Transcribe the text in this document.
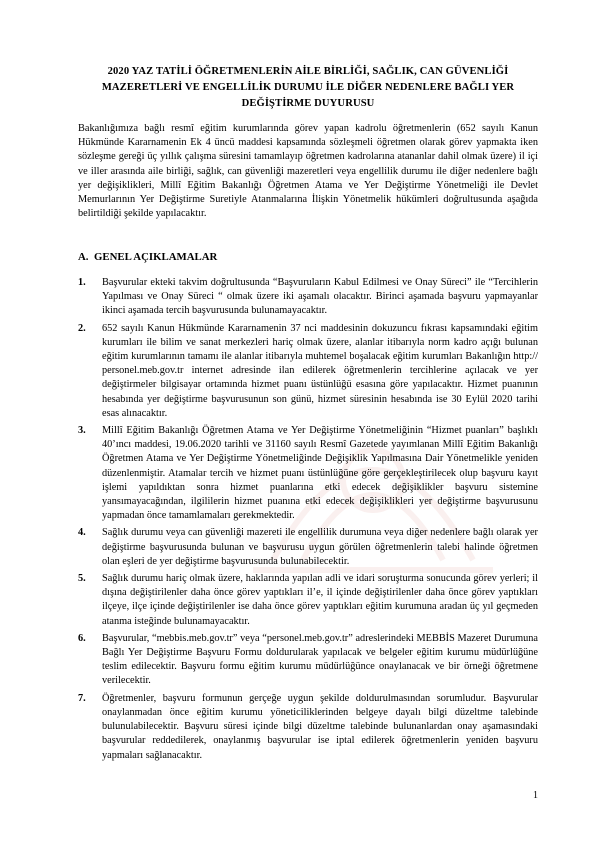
2020 YAZ TATİLİ ÖĞRETMENLERİN AİLE BİRLİĞİ, SAĞLIK, CAN GÜVENLİĞİ
MAZERETLERİ VE ENGELLİLİK DURUMU İLE DİĞER NEDENLERE BAĞLI YER
DEĞİŞTİRME DUYURUSU
Bakanlığımıza bağlı resmî eğitim kurumlarında görev yapan kadrolu öğretmenlerin (652 sayılı Kanun Hükmünde Kararnamenin Ek 4 üncü maddesi kapsamında sözleşmeli öğretmen olarak görev yapmakta iken sözleşme gereği üç yıllık çalışma süresini tamamlayıp öğretmen kadrolarına atananlar dahil olmak üzere) il içi ve iller arasında aile birliği, sağlık, can güvenliği mazeretleri veya engellilik durumu ile diğer nedenlere bağlı yer değişiklikleri, Millî Eğitim Bakanlığı Öğretmen Atama ve Yer Değiştirme Yönetmeliği ile Devlet Memurlarının Yer Değiştirme Suretiyle Atanmalarına İlişkin Yönetmelik hükümleri doğrultusunda aşağıda belirtildiği şekilde yapılacaktır.
A. GENEL AÇIKLAMALAR
1. Başvurular ekteki takvim doğrultusunda “Başvuruların Kabul Edilmesi ve Onay Süreci” ile “Tercihlerin Yapılması ve Onay Süreci “ olmak üzere iki aşamalı olacaktır. Birinci aşamada başvuru yapmayanlar ikinci aşamada tercih başvurusunda bulunamayacaktır.
2. 652 sayılı Kanun Hükmünde Kararnamenin 37 nci maddesinin dokuzuncu fıkrası kapsamındaki eğitim kurumları ile bilim ve sanat merkezleri hariç olmak üzere, alanlar itibarıyla norm kadro açığı bulunan eğitim kurumlarının tamamı ile alanlar itibarıyla muhtemel boşalacak eğitim kurumları Bakanlığın http:// personel.meb.gov.tr internet adresinde ilan edilerek öğretmenlerin tercihlerine açılacak ve yer değiştirmeler bilgisayar ortamında hizmet puanı üstünlüğü esasına göre yapılacaktır. Hizmet puanının hesabında yer değiştirme başvurusunun son günü, hizmet süresinin hesabında ise 30 Eylül 2020 tarihi esas alınacaktır.
3. Millî Eğitim Bakanlığı Öğretmen Atama ve Yer Değiştirme Yönetmeliğinin “Hizmet puanları” başlıklı 40’ıncı maddesi, 19.06.2020 tarihli ve 31160 sayılı Resmî Gazetede yayımlanan Millî Eğitim Bakanlığı Öğretmen Atama ve Yer Değiştirme Yönetmeliğinde Değişiklik Yapılmasına Dair Yönetmelikle yeniden düzenlenmiştir. Atamalar tercih ve hizmet puanı üstünlüğüne göre gerçekleştirilecek olup başvuru kayıt işlemi yapıldıktan sonra hizmet puanlarına etki edecek değişiklikler başvuru sistemine yansımayacağından, ilgililerin hizmet puanına etki edecek değişiklikleri yer değiştirme başvurusunu yapmadan önce tamamlamaları gerekmektedir.
4. Sağlık durumu veya can güvenliği mazereti ile engellilik durumuna veya diğer nedenlere bağlı olarak yer değiştirme başvurusunda bulunan ve başvurusu uygun görülen öğretmenlerin talebi halinde öğretmen olan eşleri de yer değiştirme başvurusunda bulunabilecektir.
5. Sağlık durumu hariç olmak üzere, haklarında yapılan adli ve idari soruşturma sonucunda görev yerleri; il dışına değiştirilenler daha önce görev yaptıkları il’e, il içinde değiştirilenler daha önce görev yaptıkları ilçeye, ilçe içinde değiştirilenler ise daha önce görev yaptıkları eğitim kurumuna aradan üç yıl geçmeden atanma isteğinde bulunamayacaktır.
6. Başvurular, “mebbis.meb.gov.tr” veya “personel.meb.gov.tr” adreslerindeki MEBBİS Mazeret Durumuna Bağlı Yer Değiştirme Başvuru Formu doldurularak yapılacak ve belgeler eğitim kurumu müdürlüğüne teslim edilecektir. Başvuru formu eğitim kurumu müdürlüğünce onaylanacak ve bir örneği öğretmene verilecektir.
7. Öğretmenler, başvuru formunun gerçeğe uygun şekilde doldurulmasından sorumludur. Başvurular onaylanmadan önce eğitim kurumu yöneticiliklerinden belgeye dayalı bilgi düzeltme talebinde bulunulabilecektir. Başvuru süresi içinde bilgi düzeltme talebinde bulunanlardan onay aşamasındaki başvurular reddedilerek, onaylanmış başvurular ise iptal edilerek öğretmenlerin yeniden başvuru yapmaları sağlanacaktır.
1
